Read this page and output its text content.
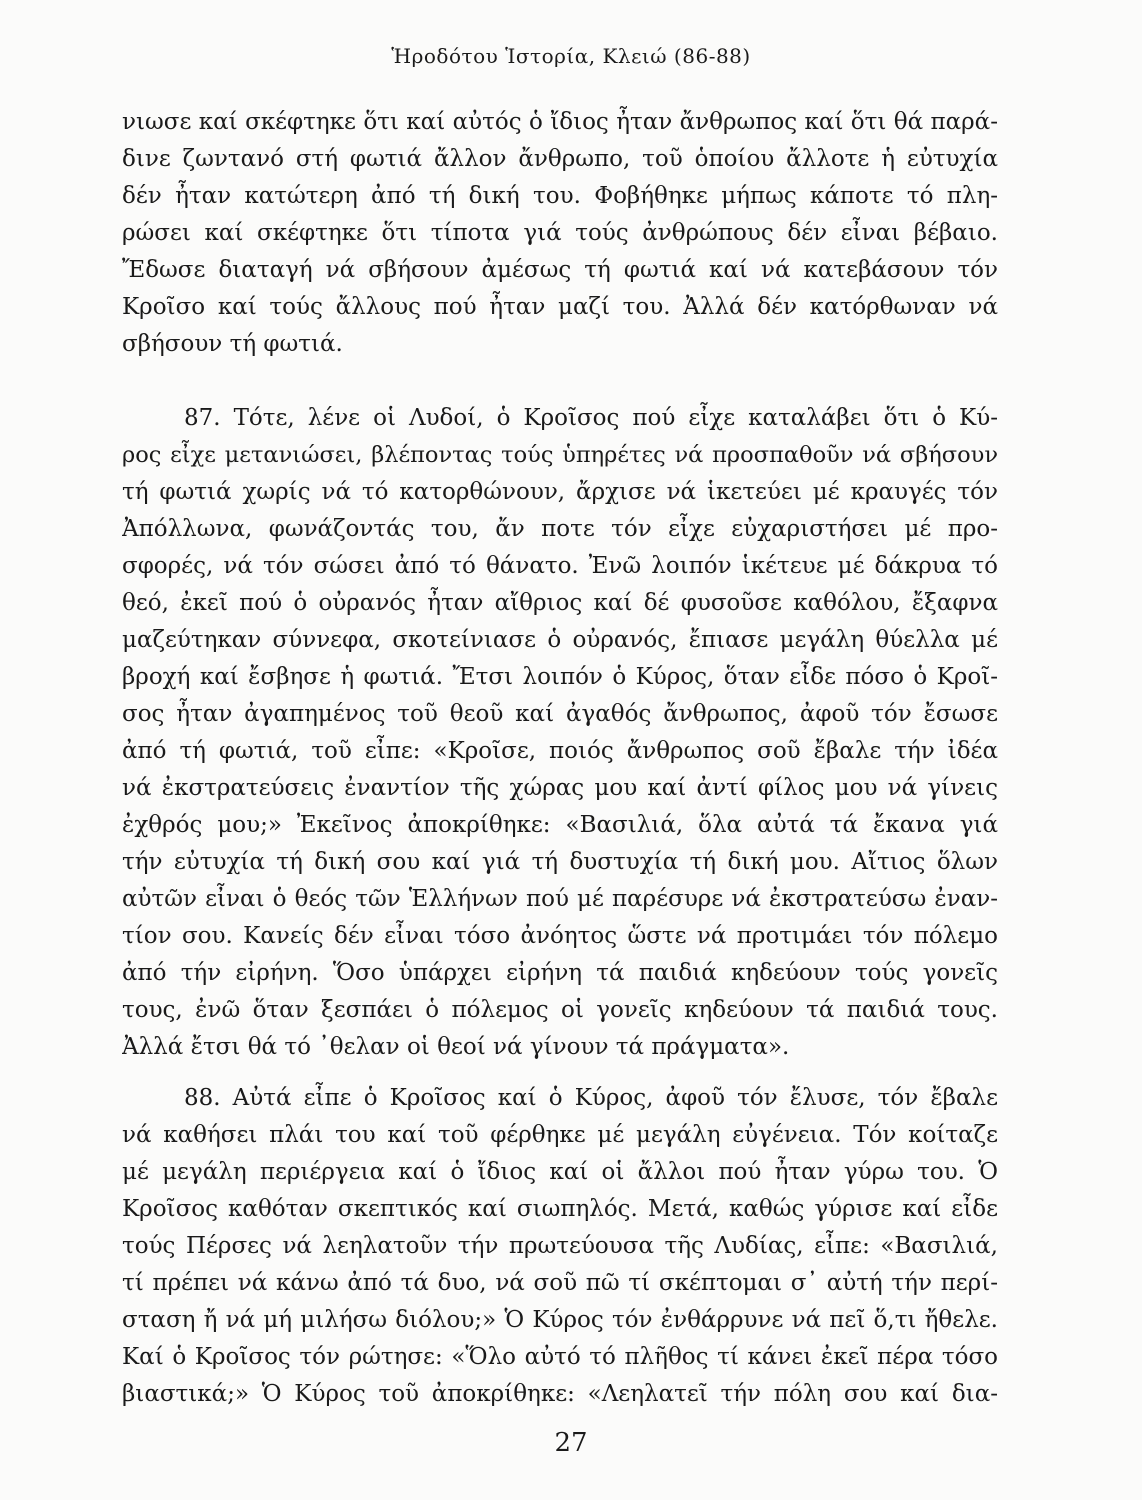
Ἡροδότου Ἱστορία, Κλειώ (86-88)
νιωσε καί σκέφτηκε ὅτι καί αὐτός ὁ ἴδιος ἦταν ἄνθρωπος καί ὅτι θά παρά-
δινε ζωντανό στή φωτιά ἄλλον ἄνθρωπο, τοῦ ὁποίου ἄλλοτε ἡ εὐτυχία
δέν ἦταν κατώτερη ἀπό τή δική του. Φοβήθηκε μήπως κάποτε τό πλη-
ρώσει καί σκέφτηκε ὅτι τίποτα γιά τούς ἀνθρώπους δέν εἶναι βέβαιο.
Ἔδωσε διαταγή νά σβήσουν ἀμέσως τή φωτιά καί νά κατεβάσουν τόν
Κροῖσο καί τούς ἄλλους πού ἦταν μαζί του. Ἀλλά δέν κατόρθωναν νά
σβήσουν τή φωτιά.
87. Τότε, λένε οἱ Λυδοί, ὁ Κροῖσος πού εἶχε καταλάβει ὅτι ὁ Κύ-
ρος εἶχε μετανιώσει, βλέποντας τούς ὑπηρέτες νά προσπαθοῦν νά σβήσουν
τή φωτιά χωρίς νά τό κατορθώνουν, ἄρχισε νά ἱκετεύει μέ κραυγές τόν
Ἀπόλλωνα, φωνάζοντάς του, ἄν ποτε τόν εἶχε εὐχαριστήσει μέ προ-
σφορές, νά τόν σώσει ἀπό τό θάνατο. Ἐνῶ λοιπόν ἱκέτευε μέ δάκρυα τό
θεό, ἐκεῖ πού ὁ οὐρανός ἦταν αἴθριος καί δέ φυσοῦσε καθόλου, ἔξαφνα
μαζεύτηκαν σύννεφα, σκοτείνιασε ὁ οὐρανός, ἔπιασε μεγάλη θύελλα μέ
βροχή καί ἔσβησε ἡ φωτιά. Ἔτσι λοιπόν ὁ Κύρος, ὅταν εἶδε πόσο ὁ Κροῖ-
σος ἦταν ἀγαπημένος τοῦ θεοῦ καί ἀγαθός ἄνθρωπος, ἀφοῦ τόν ἔσωσε
ἀπό τή φωτιά, τοῦ εἶπε: «Κροῖσε, ποιός ἄνθρωπος σοῦ ἔβαλε τήν ἰδέα
νά ἐκστρατεύσεις ἐναντίον τῆς χώρας μου καί ἀντί φίλος μου νά γίνεις
ἐχθρός μου;» Ἐκεῖνος ἀποκρίθηκε: «Βασιλιά, ὅλα αὐτά τά ἔκανα γιά
τήν εὐτυχία τή δική σου καί γιά τή δυστυχία τή δική μου. Αἴτιος ὅλων
αὐτῶν εἶναι ὁ θεός τῶν Ἑλλήνων πού μέ παρέσυρε νά ἐκστρατεύσω ἐναν-
τίον σου. Κανείς δέν εἶναι τόσο ἀνόητος ὥστε νά προτιμάει τόν πόλεμο
ἀπό τήν εἰρήνη. Ὅσο ὑπάρχει εἰρήνη τά παιδιά κηδεύουν τούς γονεῖς
τους, ἐνῶ ὅταν ξεσπάει ὁ πόλεμος οἱ γονεῖς κηδεύουν τά παιδιά τους.
Ἀλλά ἔτσι θά τό ᾽θελαν οἱ θεοί νά γίνουν τά πράγματα».
88. Αὐτά εἶπε ὁ Κροῖσος καί ὁ Κύρος, ἀφοῦ τόν ἔλυσε, τόν ἔβαλε
νά καθήσει πλάι του καί τοῦ φέρθηκε μέ μεγάλη εὐγένεια. Τόν κοίταζε
μέ μεγάλη περιέργεια καί ὁ ἴδιος καί οἱ ἄλλοι πού ἦταν γύρω του. Ὁ
Κροῖσος καθόταν σκεπτικός καί σιωπηλός. Μετά, καθώς γύρισε καί εἶδε
τούς Πέρσες νά λεηλατοῦν τήν πρωτεύουσα τῆς Λυδίας, εἶπε: «Βασιλιά,
τί πρέπει νά κάνω ἀπό τά δυο, νά σοῦ πῶ τί σκέπτομαι σ᾽ αὐτή τήν περί-
σταση ἤ νά μή μιλήσω διόλου;» Ὁ Κύρος τόν ἐνθάρρυνε νά πεῖ ὅ,τι ἤθελε.
Καί ὁ Κροῖσος τόν ρώτησε: «Ὅλο αὐτό τό πλῆθος τί κάνει ἐκεῖ πέρα τόσο
βιαστικά;» Ὁ Κύρος τοῦ ἀποκρίθηκε: «Λεηλατεῖ τήν πόλη σου καί δια-
27
